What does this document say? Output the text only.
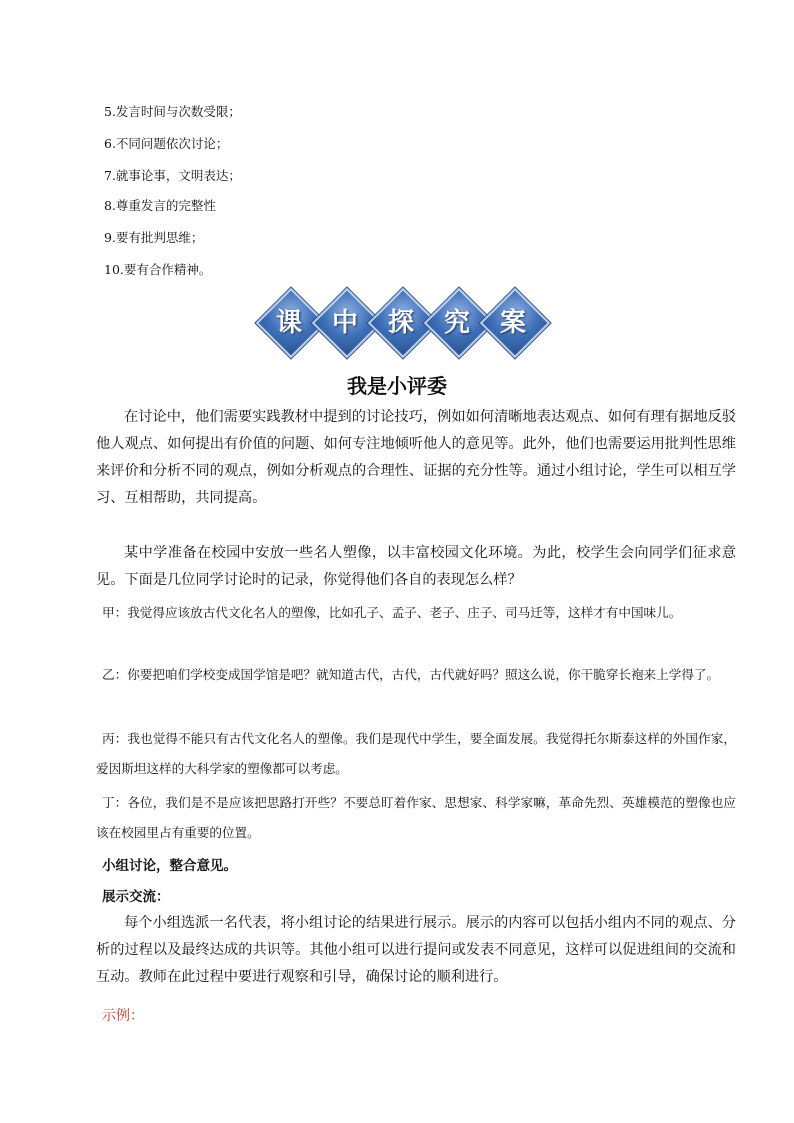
5.发言时间与次数受限；
6.不同问题依次讨论；
7.就事论事，文明表达；
8.尊重发言的完整性
9.要有批判思维；
10.要有合作精神。
课	中	探	究	案
我是小评委

在讨论中，他们需要实践教材中提到的讨论技巧，例如如何清晰地表达观点、如何有理有据地反驳他人观点、如何提出有价值的问题、如何专注地倾听他人的意见等。此外，他们也需要运用批判性思维来评价和分析不同的观点，例如分析观点的合理性、证据的充分性等。通过小组讨论，学生可以相互学习、互相帮助，共同提高。

某中学准备在校园中安放一些名人塑像，以丰富校园文化环境。为此，校学生会向同学们征求意见。下面是几位同学讨论时的记录，你觉得他们各自的表现怎么样？

甲：我觉得应该放古代文化名人的塑像，比如孔子、孟子、老子、庄子、司马迁等，这样才有中国味儿。

乙：你要把咱们学校变成国学馆是吧？就知道古代，古代，古代就好吗？照这么说，你干脆穿长袍来上学得了。

丙：我也觉得不能只有古代文化名人的塑像。我们是现代中学生，要全面发展。我觉得托尔斯泰这样的外国作家，爱因斯坦这样的大科学家的塑像都可以考虑。

丁：各位，我们是不是应该把思路打开些？不要总盯着作家、思想家、科学家嘛，革命先烈、英雄模范的塑像也应该在校园里占有重要的位置。

小组讨论，整合意见。
展示交流：

每个小组选派一名代表，将小组讨论的结果进行展示。展示的内容可以包括小组内不同的观点、分析的过程以及最终达成的共识等。其他小组可以进行提问或发表不同意见，这样可以促进组间的交流和互动。教师在此过程中要进行观察和引导，确保讨论的顺利进行。

示例：
